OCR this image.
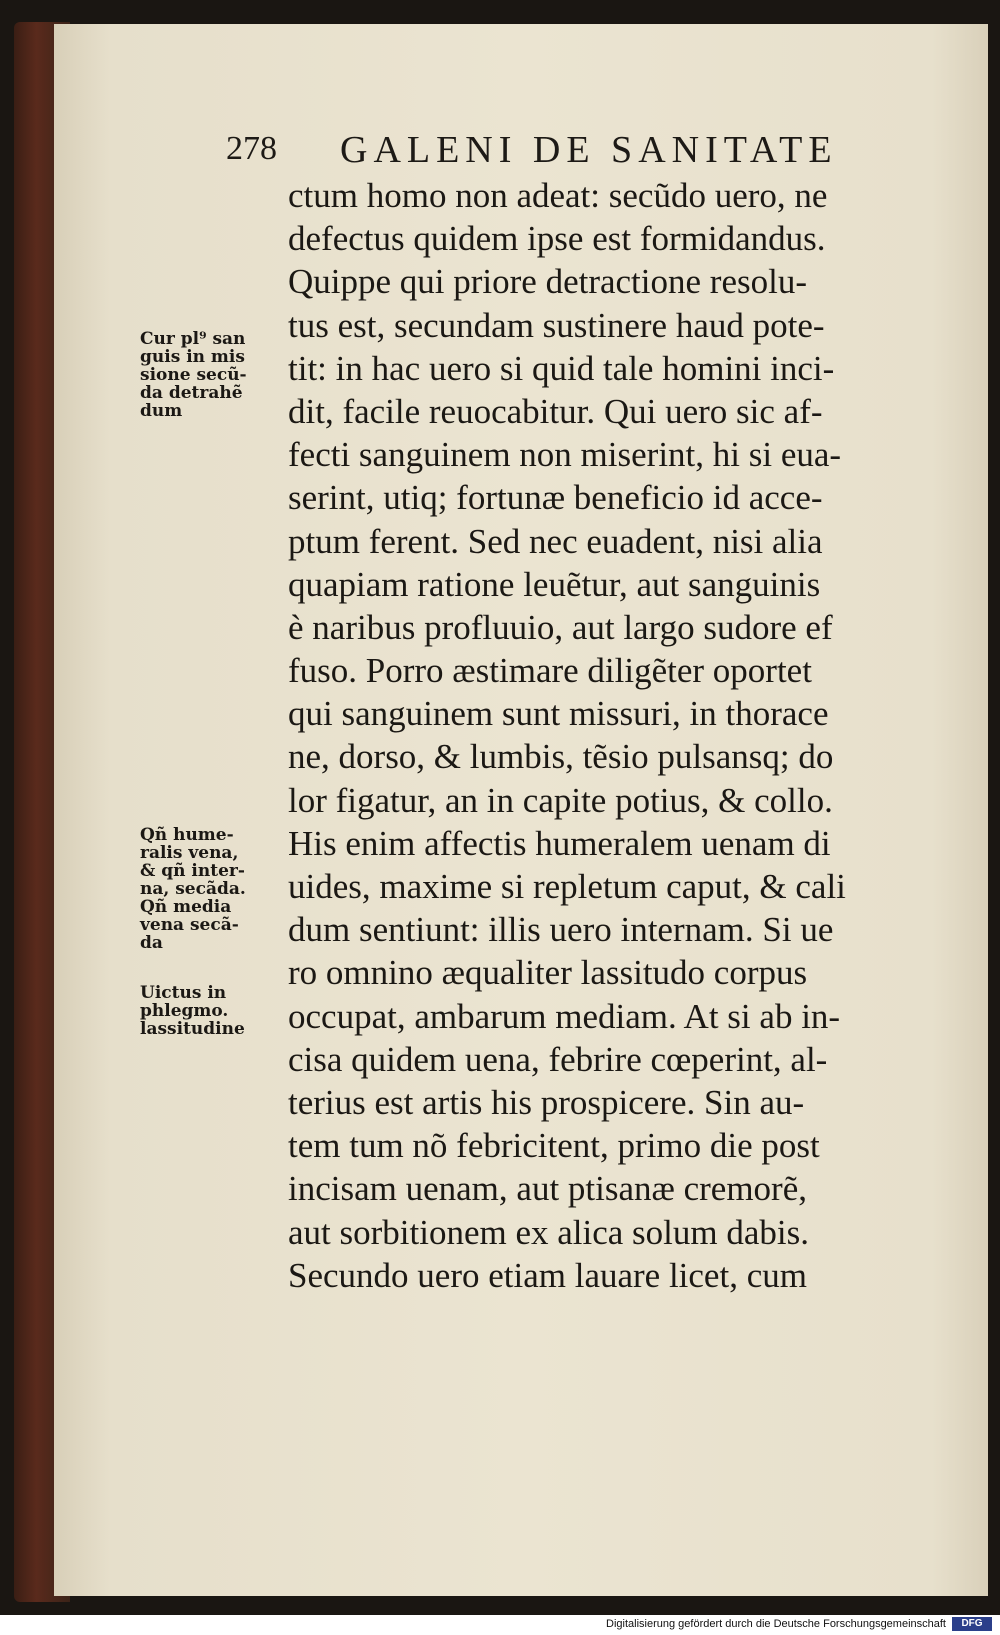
278 GALENI DE SANITATE
ctum homo non adeat: secũdo uero, ne
defectus quidem ipse est formidandus.
Quippe qui priore detractione resolu-
tus est, secundam sustinere haud pote-
tit: in hac uero si quid tale homini inci-
dit, facile reuocabitur. Qui uero sic af-
fecti sanguinem non miserint, hi si eua-
serint, utiq; fortunæ beneficio id acce-
ptum ferent. Sed nec euadent, nisi alia
quapiam ratione leuẽtur, aut sanguinis
è naribus profluuio, aut largo sudore ef
fuso. Porro æstimare diligẽter oportet
qui sanguinem sunt missuri, in thorace
ne, dorso, & lumbis, tẽsio pulsansq; do
lor figatur, an in capite potius, & collo.
His enim affectis humeralem uenam di
uides, maxime si repletum caput, & cali
dum sentiunt: illis uero internam. Si ue
ro omnino æqualiter lassitudo corpus
occupat, ambarum mediam. At si ab in-
cisa quidem uena, febrire cœperint, al-
terius est artis his prospicere. Sin au-
tem tum nõ febricitent, primo die post
incisam uenam, aut ptisanæ cremorẽ,
aut sorbitionem ex alica solum dabis.
Secundo uero etiam lauare licet, cum
Cur pl⁹ san
guis in mis
sione secũ-
da detrahẽ
dum
Qñ hume-
ralis vena,
& qñ inter-
na, secãda.
Qñ media
vena secã-
da
Uictus in
phlegmo.
lassitudine
Digitalisierung gefördert durch die Deutsche Forschungsgemeinschaft	DFG
